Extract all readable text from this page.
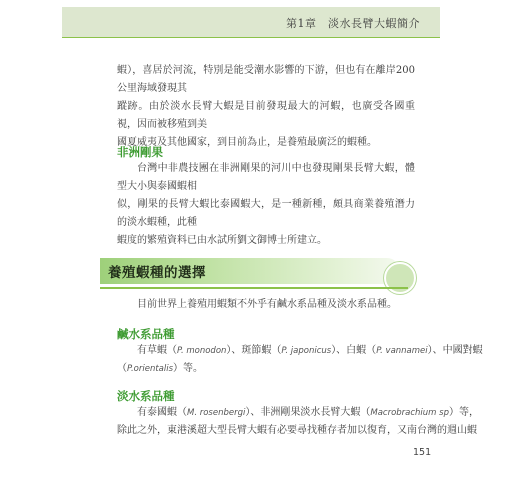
第1章　淡水長臂大蝦簡介
蝦），喜居於河流，特別是能受潮水影響的下游，但也有在離岸200公里海域發現其
蹤跡。由於淡水長臂大蝦是目前發現最大的河蝦，也廣受各國重視，因而被移殖到美
國夏威夷及其他國家，到目前為止，是養殖最廣泛的蝦種。
非洲剛果
台灣中非農技團在非洲剛果的河川中也發現剛果長臂大蝦，體型大小與泰國蝦相
似，剛果的長臂大蝦比泰國蝦大，是一種新種，頗具商業養殖潛力的淡水蝦種，此種
蝦度的繁殖資料已由水試所劉文御博士所建立。
養殖蝦種的選擇
目前世界上養殖用蝦類不外乎有鹹水系品種及淡水系品種。
鹹水系品種
有草蝦（P. monodon）、斑節蝦（P. japonicus）、白蝦（P. vannamei）、中國對蝦
（P.orientalis）等。
淡水系品種
有泰國蝦（M. rosenbergi）、非洲剛果淡水長臂大蝦（Macrobrachium sp）等，
除此之外，東港溪超大型長臂大蝦有必要尋找種存者加以復育，又南台灣的週山蝦
151
